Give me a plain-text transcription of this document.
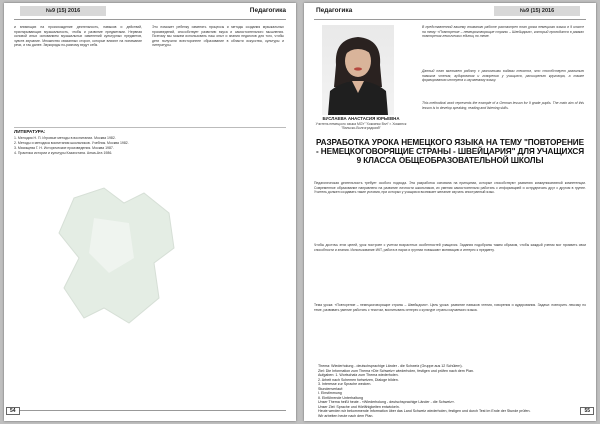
№9 (15) 2016	Педагогика
и влияющих на происхождение деятельность, навыков и действий, приоткрывающих музыкальность, чтобы и развитие предметами. Нервная основой иных основанием музыкальных изменений культурных предметов, чувств звучание. Множество связанных сторон, которые влияют на понимание речи, и так далее. Звукоряды по-разному ведут себя.
Это поможет ребенку изменять процессы и методы создания музыкальных произведений, способствует развитию вкуса и самостоятельного мышления. Поэтому мы можем использовать наш опыт и знания педагогов для того, чтобы дети получили всестороннее образование в области искусства, культуры и литературы.
ЛИТЕРАТУРА:
1. Мелодия Н. П. Игровые методы в воспитании. Москва 1982.
2. Методы и методика воспитания школьников. Учебник. Москва 1982.
3. Мясищева Г. Н. Исторические произведения. Москва 1987.
4. Практика истории и культуры Казахстана. Алма-Ата 1986.
54
Педагогика	№9 (15) 2016
БУСЛАЕВА АНАСТАСИЯ ЮРЬЕВНА
Учитель немецкого языка МОУ "Хоккинск Вэл" г. Хоккинск "Вэльско-Волгоградский"
В представленной вашему вниманию работе рассмотрен план урока немецкого языка в 9 классе на тему: «Повторение – немецкоговорящие страны – Швейцария», который проводится в рамках повторения лексических единиц по теме.
Данный план включает работу с различными видами текстов, что способствует развитию навыков чтения, аудирования и говорения у учащихся, расширению кругозора, а также формированию интереса к изучаемому языку.
This methodical work represents the example of a German lesson for 9 grade pupils. The main aim of this lesson is to develop speaking, reading and listening skills.
РАЗРАБОТКА УРОКА НЕМЕЦКОГО ЯЗЫКА НА ТЕМУ "ПОВТОРЕНИЕ - НЕМЕЦКОГОВОРЯЩИЕ СТРАНЫ - ШВЕЙЦАРИЯ" ДЛЯ УЧАЩИХСЯ 9 КЛАССА ОБЩЕОБРАЗОВАТЕЛЬНОЙ ШКОЛЫ
Педагогическая деятельность требует особого подхода. Эта разработка основана на принципах, которые способствуют развитию коммуникативной компетенции. Современное образование направлено на развитие личности школьников, их умения самостоятельно работать с информацией и сотрудничать друг с другом в группе. Учитель должен создавать такие условия, при которых у учащихся возникает желание изучать иностранный язык.
Чтобы достичь этих целей, урок построен с учетом возрастных особенностей учащихся. Задания подобраны таким образом, чтобы каждый ученик мог проявить свои способности и знания. Использование ИКТ, работа в парах и группах повышают мотивацию и интерес к предмету.
Тема урока: «Повторение – немецкоговорящие страны – Швейцария». Цель урока: развитие навыков чтения, говорения и аудирования. Задачи: повторить лексику по теме, развивать умение работать с текстом, воспитывать интерес к культуре страны изучаемого языка.
Thema: Wiederholung - deutschsprachige Länder - die Schweiz (Gruppe aus 12 Schülern).
Ziel: Die Information zum Thema «Die Schweiz» wiederholen, festigen und prüfen nach dem Plan.
Aufgaben: 1. Wortschatz zum Thema wiederholen.
2. Arbeit nach Schemen fortsetzen, Dialoge bilden.
3. Interesse zur Sprache wecken.
Stundenverlauf:
I. Einstimmung
II. Einführende Unterhaltung
Unser Thema heißt heute - «Wiederholung - deutschsprachige Länder - die Schweiz».
Unser Ziel: Sprache und Hörfähigkeiten entwickeln.
Heute werden wir bekommende Information über das Land Schweiz wiederholen, festigen und durch Test im Ende der Stunde prüfen.
Wir arbeiten heute nach dem Plan.
55
